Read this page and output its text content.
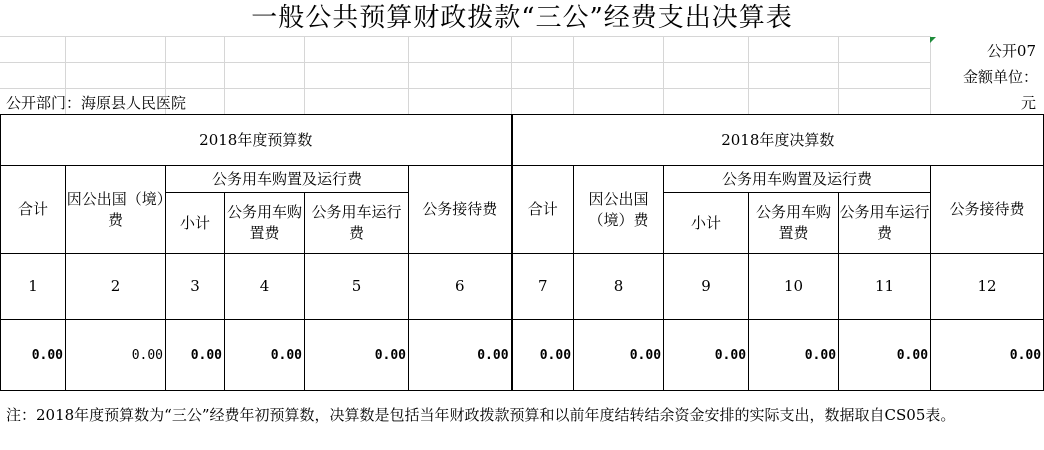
一般公共预算财政拨款“三公”经费支出决算表
公开07
金额单位：
元
公开部门：海原县人民医院
2018年度预算数						2018年度决算数					
合计	因公出国（境）费	公务用车购置及运行费			公务接待费	合计	因公出国（境）费	公务用车购置及运行费			公务接待费
		小计	公务用车购置费	公务用车运行费				小计	公务用车购置费	公务用车运行费	
1	2	3	4	5	6	7	8	9	10	11	12
0.00	0.00	0.00	0.00	0.00	0.00	0.00	0.00	0.00	0.00	0.00	0.00
注：2018年度预算数为“三公”经费年初预算数，决算数是包括当年财政拨款预算和以前年度结转结余资金安排的实际支出，数据取自CS05表。
